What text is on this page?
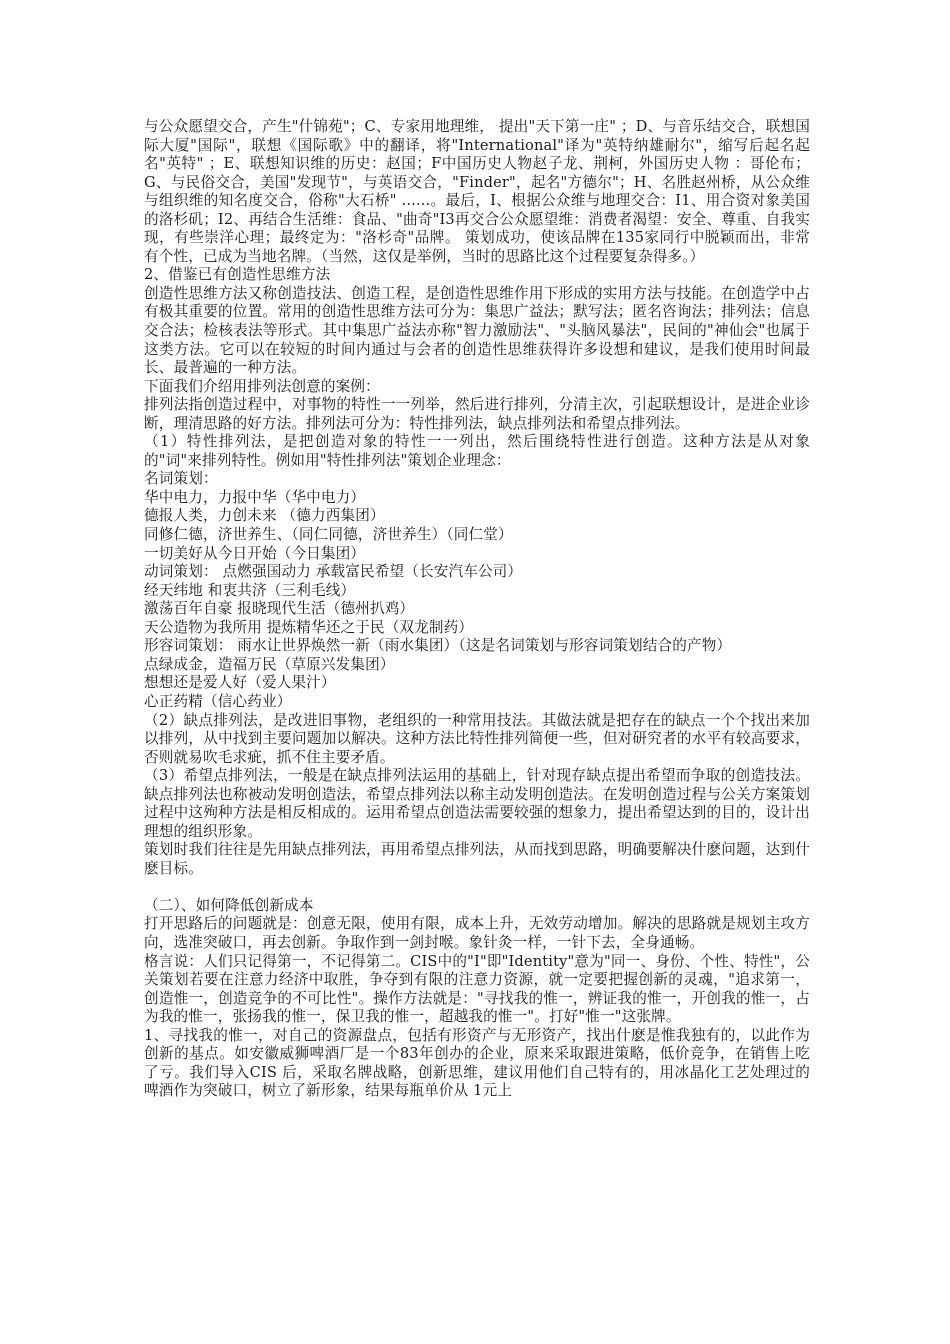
与公众愿望交合，产生"什锦苑"；C、专家用地理维， 提出"天下第一庄" ；D、与音乐结交合，联想国际大厦"国际"，联想《国际歌》中的翻译，将"International"译为"英特纳雄耐尔"，缩写后起名起名"英特" ；E、联想知识维的历史：赵国；F中国历史人物赵子龙、荆柯，外国历史人物 ：哥伦布；G、与民俗交合，美国"发现节"，与英语交合，"Finder"，起名"方德尔"；H、名胜赵州桥，从公众维与组织维的知名度交合，俗称"大石桥" ......。最后，I、根据公众维与地理交合：I1、用合资对象美国的洛杉矶；I2、再结合生活维：食品、"曲奇"I3再交合公众愿望维：消费者渴望：安全、尊重、自我实现，有些崇洋心理；最终定为："洛杉奇"品牌。 策划成功，使该品牌在135家同行中脱颖而出，非常有个性，已成为当地名牌。（当然，这仅是举例，当时的思路比这个过程要复杂得多。）

2、借鉴已有创造性思维方法

创造性思维方法又称创造技法、创造工程，是创造性思维作用下形成的实用方法与技能。在创造学中占有极其重要的位置。常用的创造性思维方法可分为：集思广益法；默写法；匿名咨询法；排列法；信息交合法；检核表法等形式。其中集思广益法亦称"智力激励法"、"头脑风暴法"，民间的"神仙会"也属于这类方法。它可以在较短的时间内通过与会者的创造性思维获得许多设想和建议，是我们使用时间最长、最普遍的一种方法。

下面我们介绍用排列法创意的案例：

排列法指创造过程中，对事物的特性一一列举，然后进行排列，分清主次，引起联想设计，是进企业诊断，理清思路的好方法。排列法可分为：特性排列法，缺点排列法和希望点排列法。

（1）特性排列法，是把创造对象的特性一一列出，然后围绕特性进行创造。这种方法是从对象的"词"来排列特性。例如用"特性排列法"策划企业理念：

名词策划：

华中电力，力报中华（华中电力）

德报人类，力创未来 （德力西集团）

同修仁德，济世养生、（同仁同德，济世养生）（同仁堂）

一切美好从今日开始（今日集团）

动词策划： 点燃强国动力 承载富民希望（长安汽车公司）

经天纬地 和衷共济（三利毛线）

激荡百年自豪 报晓现代生活（德州扒鸡）

天公造物为我所用 提炼精华还之于民（双龙制药）

形容词策划： 雨水让世界焕然一新（雨水集团）（这是名词策划与形容词策划结合的产物）

点绿成金，造福万民（草原兴发集团）

想想还是爱人好（爱人果汁）

心正药精（信心药业）

（2）缺点排列法，是改进旧事物，老组织的一种常用技法。其做法就是把存在的缺点一个个找出来加以排列，从中找到主要问题加以解决。这种方法比特性排列简便一些，但对研究者的水平有较高要求，否则就易吹毛求疵，抓不住主要矛盾。

（3）希望点排列法，一般是在缺点排列法运用的基础上，针对现存缺点提出希望而争取的创造技法。缺点排列法也称被动发明创造法，希望点排列法以称主动发明创造法。在发明创造过程与公关方案策划过程中这殉种方法是相反相成的。运用希望点创造法需要较强的想象力，提出希望达到的目的，设计出理想的组织形象。

策划时我们往往是先用缺点排列法，再用希望点排列法，从而找到思路，明确要解决什麽问题，达到什麽目标。

（二）、如何降低创新成本

打开思路后的问题就是：创意无限，使用有限，成本上升，无效劳动增加。解决的思路就是规划主攻方向，选准突破口，再去创新。争取作到一剑封喉。象针灸一样，一针下去，全身通畅。

格言说：人们只记得第一，不记得第二。CIS中的"I"即"Identity"意为"同一、身份、个性、特性"，公关策划若要在注意力经济中取胜，争夺到有限的注意力资源，就一定要把握创新的灵魂，"追求第一，创造惟一，创造竞争的不可比性"。操作方法就是："寻找我的惟一，辨证我的惟一，开创我的惟一，占为我的惟一，张扬我的惟一，保卫我的惟一，超越我的惟一"。打好"惟一"这张牌。

1、寻找我的惟一，对自己的资源盘点，包括有形资产与无形资产，找出什麽是惟我独有的，以此作为创新的基点。如安徽威狮啤酒厂是一个83年创办的企业，原来采取跟进策略，低价竞争，在销售上吃了亏。我们导入CIS 后，采取名牌战略，创新思维，建议用他们自己特有的，用冰晶化工艺处理过的啤酒作为突破口，树立了新形象，结果每瓶单价从 1元上
